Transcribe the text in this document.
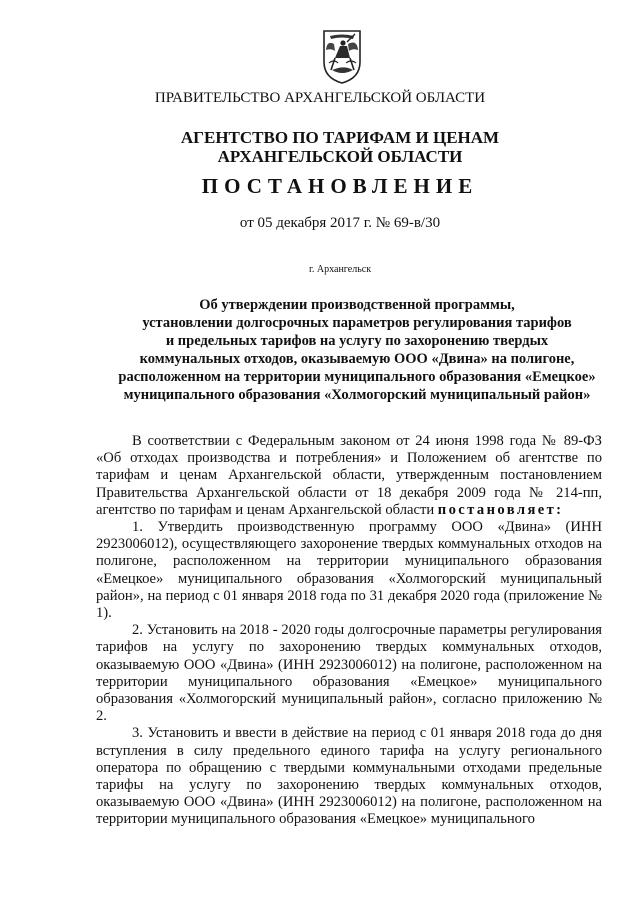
ПРАВИТЕЛЬСТВО АРХАНГЕЛЬСКОЙ ОБЛАСТИ
АГЕНТСТВО ПО ТАРИФАМ И ЦЕНАМ
АРХАНГЕЛЬСКОЙ ОБЛАСТИ
ПОСТАНОВЛЕНИЕ
от 05 декабря 2017 г. № 69-в/30
г. Архангельск
Об утверждении производственной программы,
установлении долгосрочных параметров регулирования тарифов
и предельных тарифов на услугу по захоронению твердых
коммунальных отходов, оказываемую ООО «Двина» на полигоне,
расположенном на территории муниципального образования «Емецкое»
муниципального образования «Холмогорский муниципальный район»

В соответствии с Федеральным законом от 24 июня 1998 года № 89-ФЗ «Об отходах производства и потребления» и Положением об агентстве по тарифам и ценам Архангельской области, утвержденным постановлением Правительства Архангельской области от 18 декабря 2009 года № 214-пп, агентство по тарифам и ценам Архангельской области постановляет:

1. Утвердить производственную программу ООО «Двина» (ИНН 2923006012), осуществляющего захоронение твердых коммунальных отходов на полигоне, расположенном на территории муниципального образования «Емецкое» муниципального образования «Холмогорский муниципальный район», на период с 01 января 2018 года по 31 декабря 2020 года (приложение № 1).

2. Установить на 2018 - 2020 годы долгосрочные параметры регулирования тарифов на услугу по захоронению твердых коммунальных отходов, оказываемую ООО «Двина» (ИНН 2923006012) на полигоне, расположенном на территории муниципального образования «Емецкое» муниципального образования «Холмогорский муниципальный район», согласно приложению № 2.

3. Установить и ввести в действие на период с 01 января 2018 года до дня вступления в силу предельного единого тарифа на услугу регионального оператора по обращению с твердыми коммунальными отходами предельные тарифы на услугу по захоронению твердых коммунальных отходов, оказываемую ООО «Двина» (ИНН 2923006012) на полигоне, расположенном на территории муниципального образования «Емецкое» муниципального
